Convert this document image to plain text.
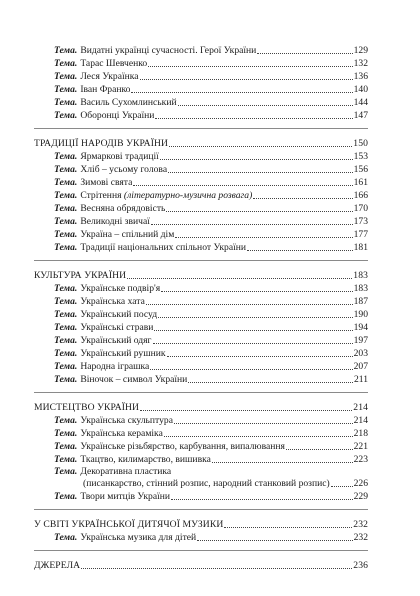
Тема. Видатні українці сучасності. Герої України	129
Тема. Тарас Шевченко	132
Тема. Леся Українка	136
Тема. Іван Франко	140
Тема. Василь Сухомлинський	144
Тема. Оборонці України	147
ТРАДИЦІЇ НАРОДІВ УКРАЇНИ	150
Тема. Ярмаркові традиції	153
Тема. Хліб – усьому голова	156
Тема. Зимові свята	161
Тема. Стрітення
(літературно-музична розвага)	166
Тема. Весняна обрядовість	170
Тема. Великодні звичаї	173
Тема. Україна – спільний дім	177
Тема. Традиції національних спільнот України	181
КУЛЬТУРА УКРАЇНИ	183
Тема. Українське подвір'я	183
Тема. Українська хата	187
Тема. Український посуд	190
Тема. Українські страви	194
Тема. Український одяг	197
Тема. Український рушник	203
Тема. Народна іграшка	207
Тема. Віночок – символ України	211
МИСТЕЦТВО УКРАЇНИ	214
Тема. Українська скульптура	214
Тема. Українська кераміка	218
Тема. Українське різьбярство, карбування, випалювання	221
Тема. Ткацтво, килимарство, вишивка	223
Тема. Декоративна пластика
(писанкарство, стінний розпис, народний станковий розпис) 226
Тема. Твори митців України	229
У СВІТІ УКРАЇНСЬКОЇ ДИТЯЧОЇ МУЗИКИ	232
Тема. Українська музика для дітей	232
ДЖЕРЕЛА	236
